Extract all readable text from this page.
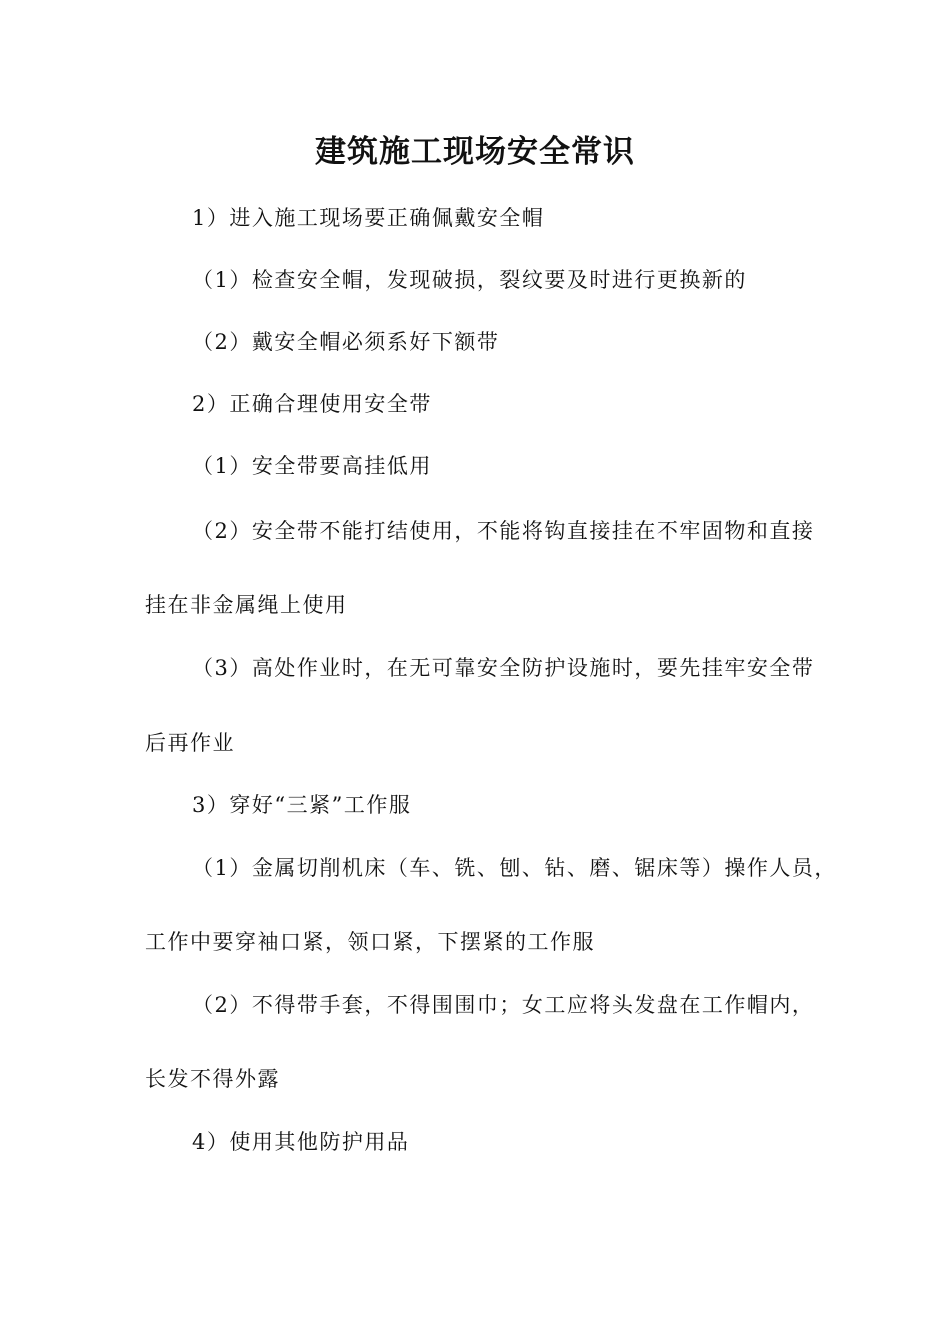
建筑施工现场安全常识
1）进入施工现场要正确佩戴安全帽
（1）检查安全帽，发现破损，裂纹要及时进行更换新的
（2）戴安全帽必须系好下额带
2）正确合理使用安全带
（1）安全带要高挂低用
（2）安全带不能打结使用，不能将钩直接挂在不牢固物和直接
挂在非金属绳上使用
（3）高处作业时，在无可靠安全防护设施时，要先挂牢安全带
后再作业
3）穿好“三紧”工作服
（1）金属切削机床（车、铣、刨、钻、磨、锯床等）操作人员，
工作中要穿袖口紧，领口紧，下摆紧的工作服
（2）不得带手套，不得围围巾；女工应将头发盘在工作帽内，
长发不得外露
4）使用其他防护用品
